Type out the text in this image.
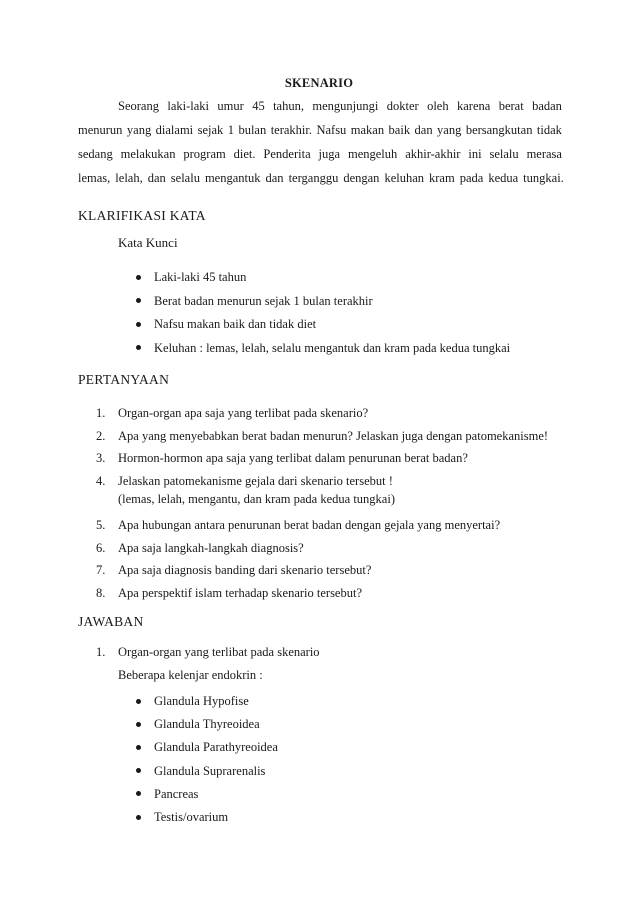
SKENARIO
Seorang laki-laki umur 45 tahun, mengunjungi dokter oleh karena berat badan
menurun yang dialami sejak 1 bulan terakhir. Nafsu makan baik dan yang bersangkutan tidak
sedang melakukan program diet. Penderita juga mengeluh akhir-akhir ini selalu merasa
lemas, lelah, dan selalu mengantuk dan terganggu dengan keluhan kram pada kedua tungkai.
KLARIFIKASI KATA
Kata Kunci
Laki-laki 45 tahun
Berat badan menurun sejak 1 bulan terakhir
Nafsu makan baik dan tidak diet
Keluhan : lemas, lelah, selalu mengantuk dan kram pada kedua tungkai
PERTANYAAN
1. Organ-organ apa saja yang terlibat pada skenario?
2. Apa yang menyebabkan berat badan menurun? Jelaskan juga dengan patomekanisme!
3. Hormon-hormon apa saja yang terlibat dalam penurunan berat badan?
4. Jelaskan patomekanisme gejala dari skenario tersebut !
(lemas, lelah, mengantu, dan kram pada kedua tungkai)
5. Apa hubungan antara penurunan berat badan dengan gejala yang menyertai?
6. Apa saja langkah-langkah diagnosis?
7. Apa saja diagnosis banding dari skenario tersebut?
8. Apa perspektif islam terhadap skenario tersebut?
JAWABAN
1. Organ-organ yang terlibat pada skenario
Beberapa kelenjar endokrin :
Glandula Hypofise
Glandula Thyreoidea
Glandula Parathyreoidea
Glandula Suprarenalis
Pancreas
Testis/ovarium
